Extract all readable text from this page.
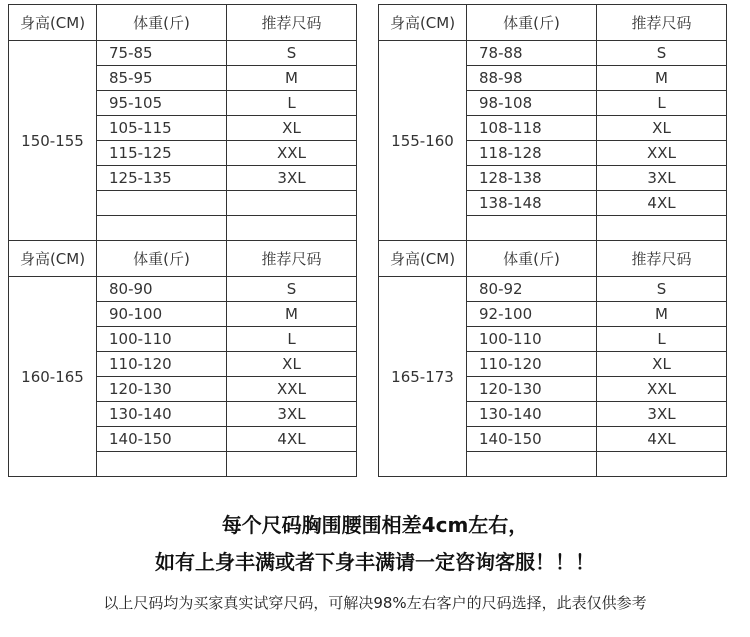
身高(CM)	体重(斤)	推荐尺码
150-155	75-85	S
	85-95	M
	95-105	L
	105-115	XL
	115-125	XXL
	125-135	3XL

身高(CM)	体重(斤)	推荐尺码
155-160	78-88	S
	88-98	M
	98-108	L
	108-118	XL
	118-128	XXL
	128-138	3XL
	138-148	4XL

身高(CM)	体重(斤)	推荐尺码
160-165	80-90	S
	90-100	M
	100-110	L
	110-120	XL
	120-130	XXL
	130-140	3XL
	140-150	4XL

身高(CM)	体重(斤)	推荐尺码
165-173	80-92	S
	92-100	M
	100-110	L
	110-120	XL
	120-130	XXL
	130-140	3XL
	140-150	4XL

每个尺码胸围腰围相差4cm左右，
如有上身丰满或者下身丰满请一定咨询客服！！！
以上尺码均为买家真实试穿尺码，可解决98%左右客户的尺码选择，此表仅供参考
